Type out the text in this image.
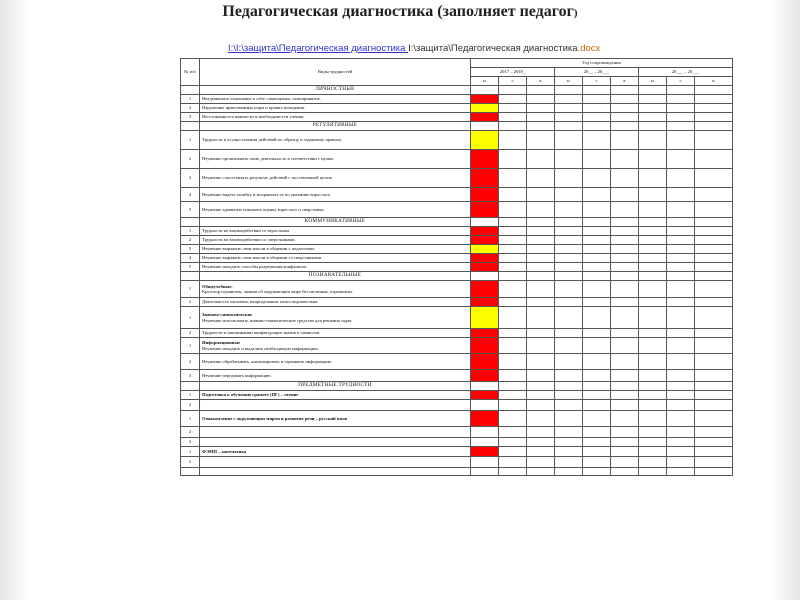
Педагогическая диагностика (заполняет педагог)
I:\I:\защита\Педагогическая диагностика I:\защита\Педагогическая диагностика.docx
№ п/п	Виды трудностей	Год сопровождения								
		2017 – 2018_			20__ – 20___			20___ – 20___		
		н	с	к	н	с	к	н	с	к
	ЛИЧНОСТНЫЕ									
1	Неадекватное отношение к себе: самооценка, самопринятие.									
2	Нарушение нравственных норм и правил поведения.									
3	Неосознанность важности и необходимости учения.									
	РЕГУЛЯТИВНЫЕ									
1	Трудности в осуществлении действий по образцу и заданному правилу.									
2	Неумение организовать свою деятельность в соответствии с целью.									
3	Неумение сопоставлять результат действий с поставленной целью.									
4	Неумение видеть ошибку и исправлять ее по указанию взрослого.									
5	Неумение адекватно понимать оценку взрослого и сверстника.									
	КОММУНИКАТИВНЫЕ									
1	Трудности во взаимодействии со взрослыми									
2	Трудности во взаимодействии со сверстниками.									
3	Неумение выражать свои мысли в общении с педагогами.									
4	Неумение выражать свои мысли в общении со сверстниками									
5	Неумение находить способы разрешения конфликтов									
	ПОЗНАВАТЕЛЬНЫЕ									
1	Общеучебные:
Кругозор ограничен, знания об окружающем мире бессистемны, отрывочны.									
2	Деятельность хаотична, непродуманна, непоследовательна									
1	Знаково-символические
Неумение использовать знаково-символические средства для решения задач.									
2	Трудности в запоминании конфигурации знаков и символов.									
1	Информационные
Неумение находить и выделять необходимую информацию.									
2	Неумение обрабатывать, анализировать и оценивать информацию.									
3	Неумение передавать информацию.									
	ПРЕДМЕТНЫЕ ТРУДНОСТИ									
1	Подготовка к обучению грамоте (ПГ) – чтение									
2	.									
1	Ознакомление с окружающим миром и развитие речи – русский язык									
2										
3										
1	ФЭМП – математика									
2										
